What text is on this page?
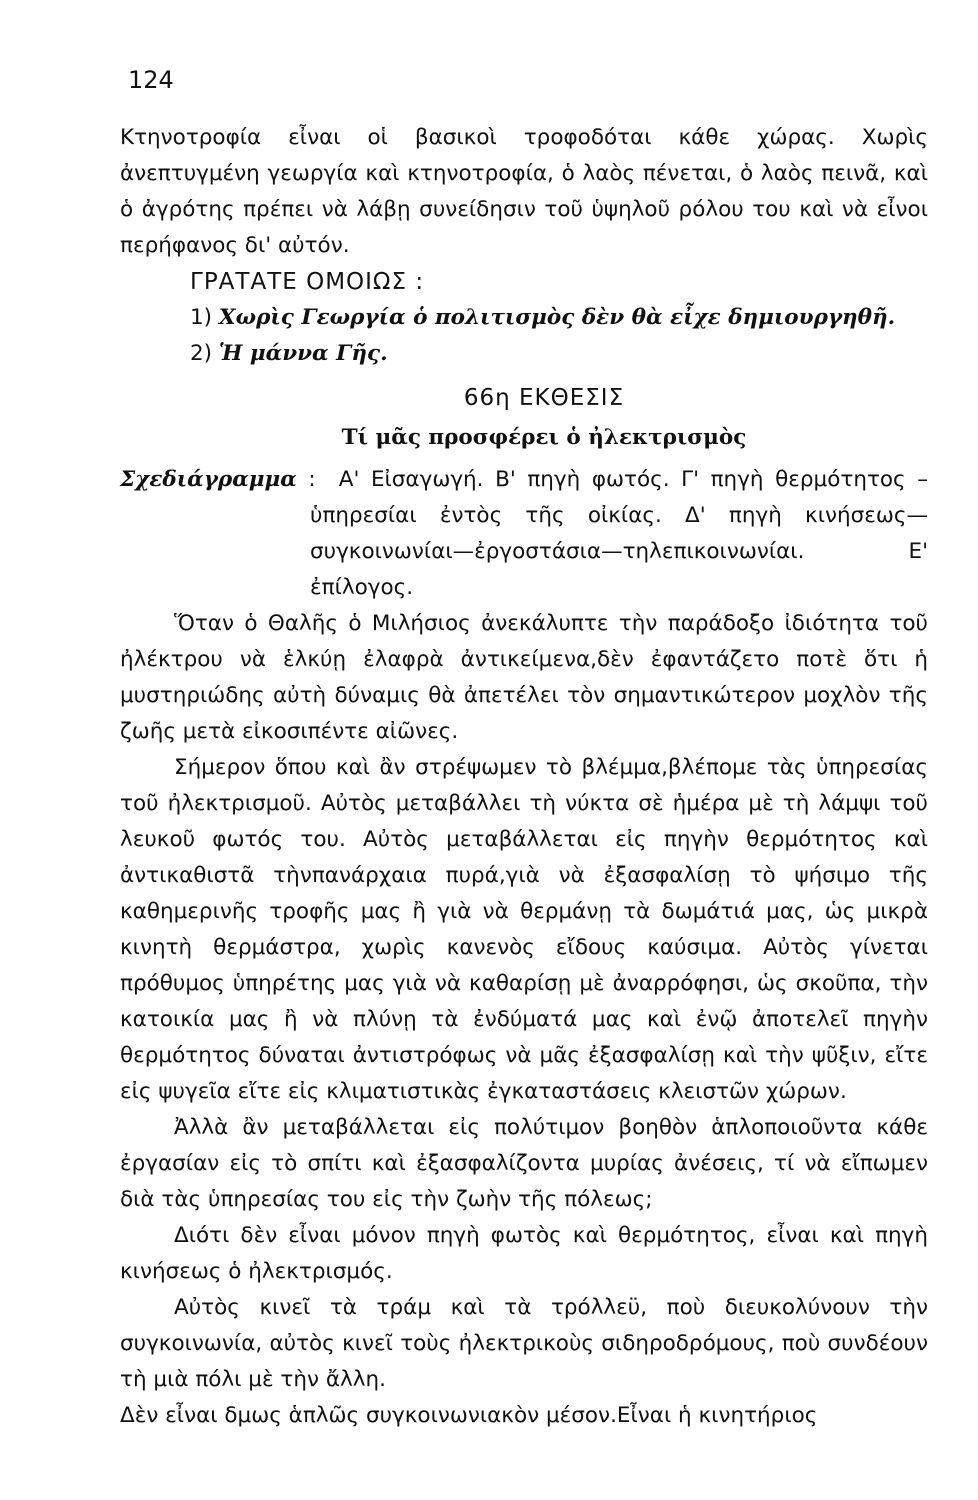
124

Κτηνοτροφία εἶναι οἱ βασικοὶ τροφοδόται κάθε χώρας. Χωρὶς ἀνεπτυγμένη γεωργία καὶ κτηνοτροφία, ὁ λαὸς πένεται, ὁ λαὸς πεινᾶ, καὶ ὁ ἀγρότης πρέπει νὰ λάβῃ συνείδησιν τοῦ ὑψηλοῦ ρόλου του καὶ νὰ εἶνοι περήφανος δι' αὐτόν.

ΓΡΑΤΑΤΕ ΟΜΟΙΩΣ :

1) Χωρὶς Γεωργία ὁ πολιτισμὸς δὲν θὰ εἶχε δημιουργηθῆ.

2) Ἡ μάννα Γῆς.

66η ΕΚΘΕΣΙΣ

Τί μᾶς προσφέρει ὁ ἠλεκτρισμὸς

Σχεδιάγραμμα :  Α' Εἰσαγωγή. Β' πηγὴ φωτός. Γ' πηγὴ θερμότητος – ὑπηρεσίαι ἐντὸς τῆς οἰκίας. Δ' πηγὴ κινήσεως—συγκοινωνίαι—ἐργοστάσια—τηλεπικοινωνίαι. Ε' ἐπίλογος.

Ὅταν ὁ Θαλῆς ὁ Μιλήσιος ἀνεκάλυπτε τὴν παράδοξο ἰδιότητα τοῦ ἠλέκτρου νὰ ἑλκύῃ ἐλαφρὰ ἀντικείμενα,δὲν ἐφαντάζετο ποτὲ ὅτι ἡ μυστηριώδης αὐτὴ δύναμις θὰ ἀπετέλει τὸν σημαντικώτερον μοχλὸν τῆς ζωῆς μετὰ εἰκοσιπέντε αἰῶνες.

Σήμερον ὅπου καὶ ἂν στρέψωμεν τὸ βλέμμα,βλέπομε τὰς ὑπηρεσίας τοῦ ἠλεκτρισμοῦ. Αὐτὸς μεταβάλλει τὴ νύκτα σὲ ἡμέρα μὲ τὴ λάμψι τοῦ λευκοῦ φωτός του. Αὐτὸς μεταβάλλεται εἰς πηγὴν θερμότητος καὶ ἀντικαθιστᾶ τὴνπανάρχαια πυρά,γιὰ νὰ ἐξασφαλίσῃ τὸ ψήσιμο τῆς καθημερινῆς τροφῆς μας ἢ γιὰ νὰ θερμάνῃ τὰ δωμάτιά μας, ὡς μικρὰ κινητὴ θερμάστρα, χωρὶς κανενὸς εἴδους καύσιμα. Αὐτὸς γίνεται πρόθυμος ὑπηρέτης μας γιὰ νὰ καθαρίσῃ μὲ ἀναρρόφησι, ὡς σκοῦπα, τὴν κατοικία μας ἢ νὰ πλύνῃ τὰ ἐνδύματά μας καὶ ἐνῷ ἀποτελεῖ πηγὴν θερμότητος δύναται ἀντιστρόφως νὰ μᾶς ἐξασφαλίσῃ καὶ τὴν ψῦξιν, εἴτε εἰς ψυγεῖα εἴτε εἰς κλιματιστικὰς ἐγκαταστάσεις κλειστῶν χώρων.

Ἀλλὰ ἂν μεταβάλλεται εἰς πολύτιμον βοηθὸν ἁπλοποιοῦντα κάθε ἐργασίαν εἰς τὸ σπίτι καὶ ἐξασφαλίζοντα μυρίας ἀνέσεις, τί νὰ εἴπωμεν διὰ τὰς ὑπηρεσίας του εἰς τὴν ζωὴν τῆς πόλεως;

Διότι δὲν εἶναι μόνον πηγὴ φωτὸς καὶ θερμότητος, εἶναι καὶ πηγὴ κινήσεως ὁ ἠλεκτρισμός.

Αὐτὸς κινεῖ τὰ τράμ καὶ τὰ τρόλλεϋ, ποὺ διευκολύνουν τὴν συγκοινωνία, αὐτὸς κινεῖ τοὺς ἠλεκτρικοὺς σιδηροδρόμους, ποὺ συνδέουν τὴ μιὰ πόλι μὲ τὴν ἄλλη.

Δὲν εἶναι δμως ἁπλῶς συγκοινωνιακὸν μέσον.Εἶναι ἡ κινητήριος
